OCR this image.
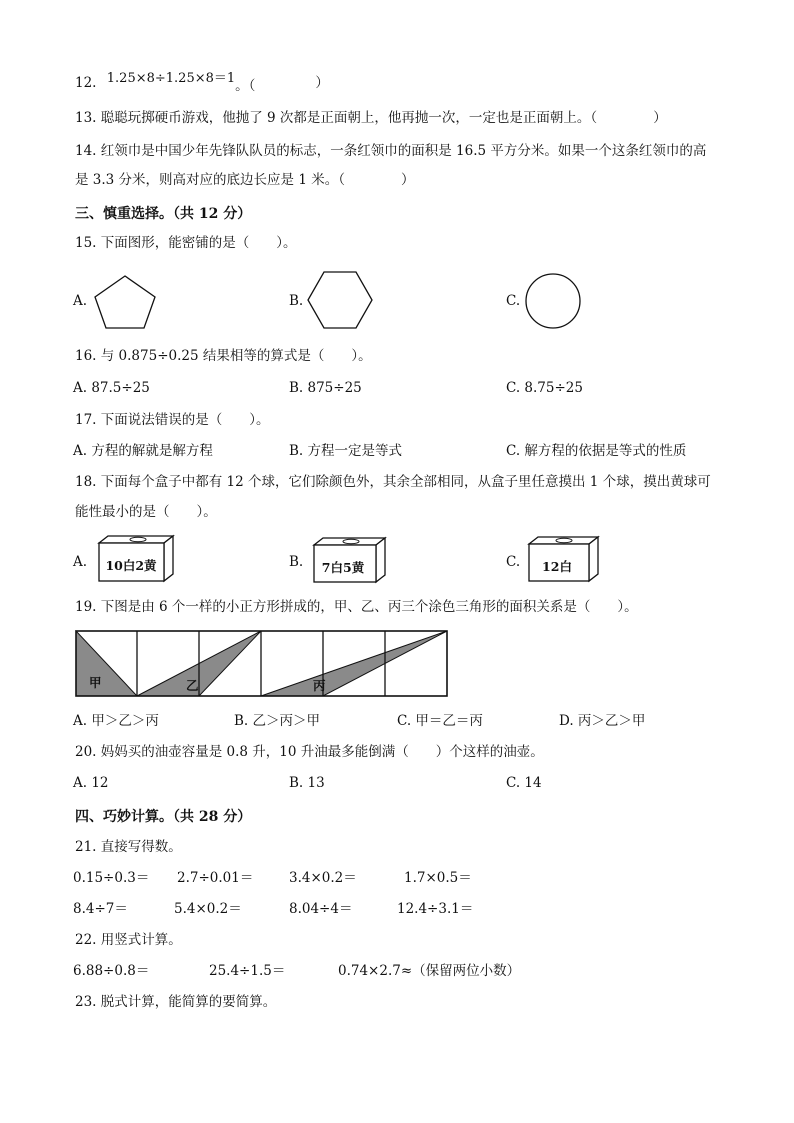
12. 1.25×8÷1.25×8＝1。（	）
13. 聪聪玩掷硬币游戏，他抛了 9 次都是正面朝上，他再抛一次，一定也是正面朝上。（	）
14. 红领巾是中国少年先锋队队员的标志，一条红领巾的面积是 16.5 平方分米。如果一个这条红领巾的高
是 3.3 分米，则高对应的底边长应是 1 米。（	）
三、慎重选择。（共 12 分）
15. 下面图形，能密铺的是（　　）。
A.	B.	C.
16. 与 0.875÷0.25 结果相等的算式是（　　）。
A. 87.5÷25	B. 875÷25	C. 8.75÷25
17. 下面说法错误的是（　　）。
A. 方程的解就是解方程	B. 方程一定是等式	C. 解方程的依据是等式的性质
18. 下面每个盒子中都有 12 个球，它们除颜色外，其余全部相同，从盒子里任意摸出 1 个球，摸出黄球可
能性最小的是（　　）。
A. 10白2黄	B.	7白5黄	C.	12白
19. 下图是由 6 个一样的小正方形拼成的，甲、乙、丙三个涂色三角形的面积关系是（　　）。
甲	乙	丙
A. 甲＞乙＞丙	B. 乙＞丙＞甲	C. 甲＝乙＝丙	D. 丙＞乙＞甲
20. 妈妈买的油壶容量是 0.8 升，10 升油最多能倒满（　　）个这样的油壶。
A. 12	B. 13	C. 14
四、巧妙计算。（共 28 分）
21. 直接写得数。
0.15÷0.3＝ 2.7÷0.01＝	3.4×0.2＝	1.7×0.5＝
8.4÷7＝	5.4×0.2＝	8.04÷4＝	12.4÷3.1＝
22. 用竖式计算。
6.88÷0.8＝	25.4÷1.5＝	0.74×2.7≈（保留两位小数）
23. 脱式计算，能简算的要简算。
